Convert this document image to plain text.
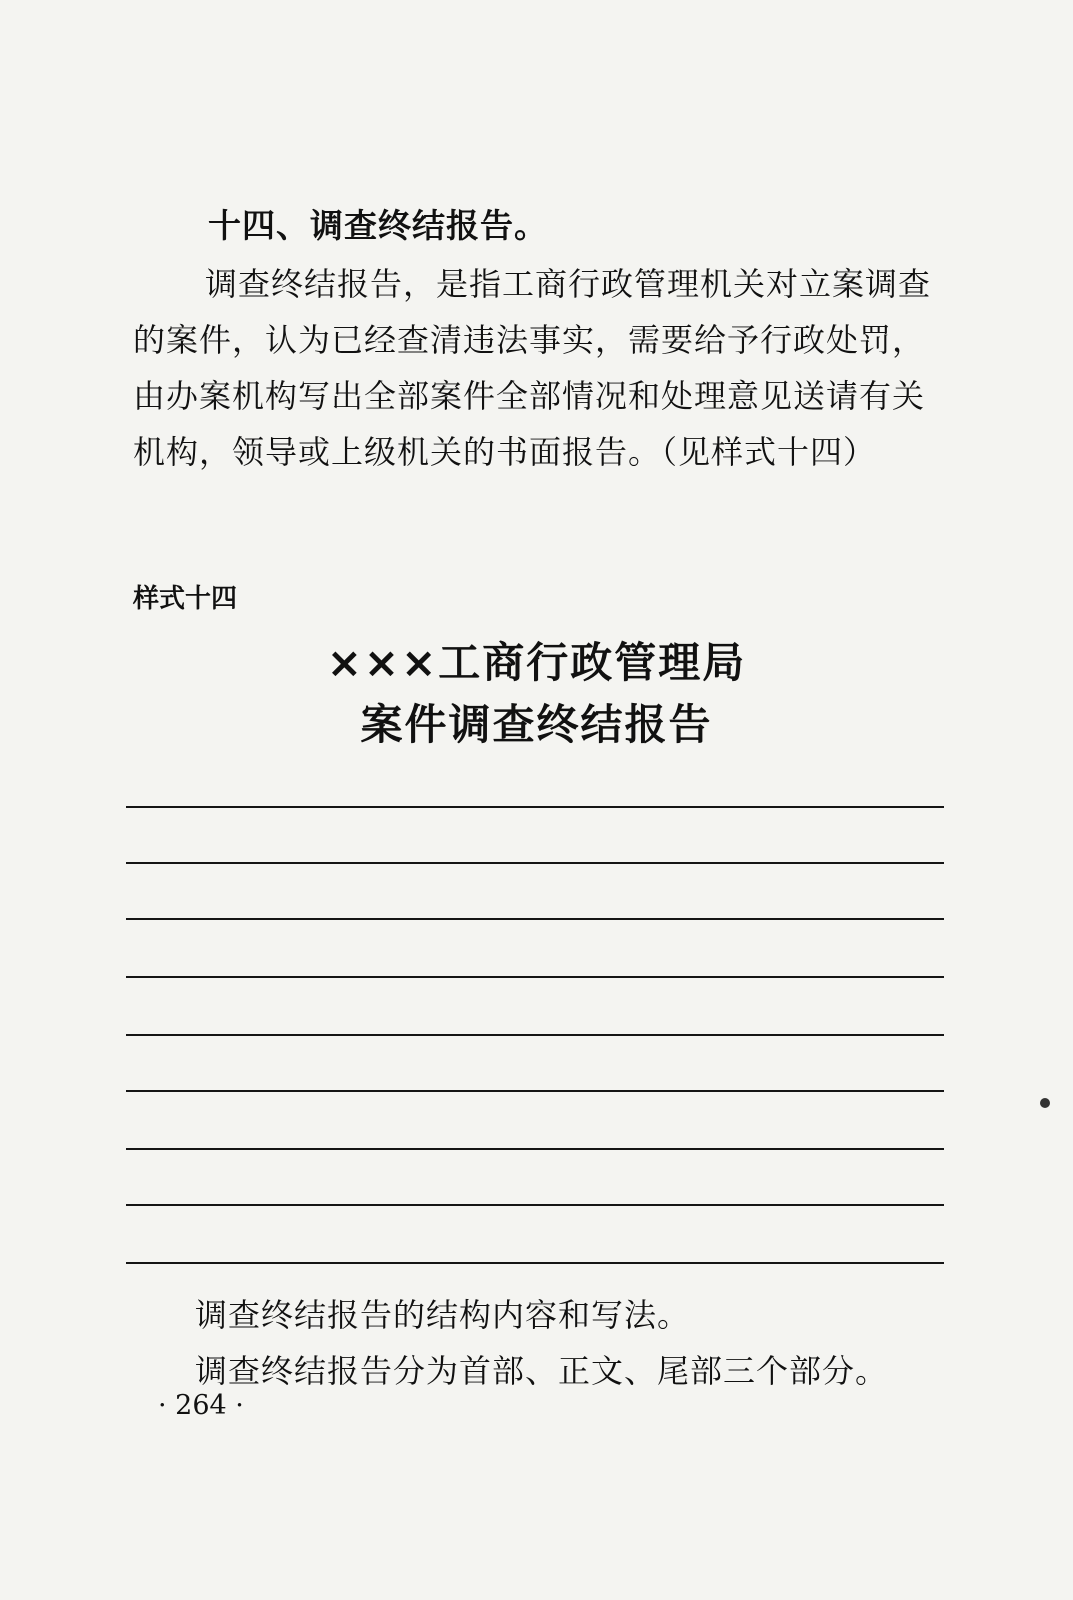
十四、调查终结报告。

调查终结报告，是指工商行政管理机关对立案调查的案件，认为已经查清违法事实，需要给予行政处罚，由办案机构写出全部案件全部情况和处理意见送请有关机构，领导或上级机关的书面报告。（见样式十四）

样式十四
×××工商行政管理局
案件调查终结报告
调查终结报告的结构内容和写法。
调查终结报告分为首部、正文、尾部三个部分。
· 264 ·
